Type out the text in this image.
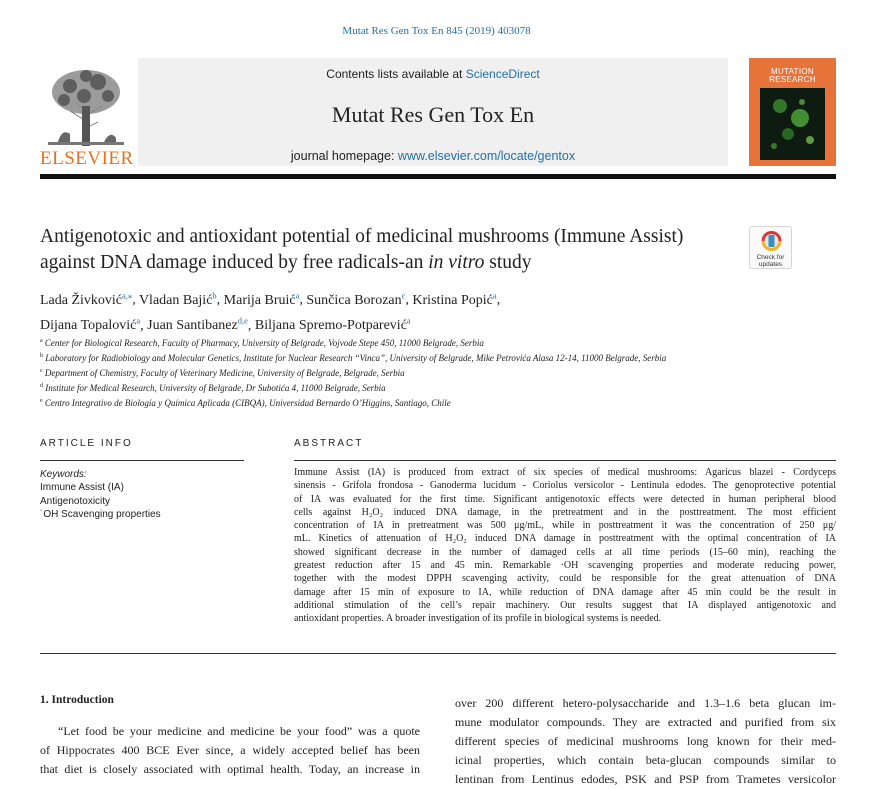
Mutat Res Gen Tox En 845 (2019) 403078
ELSEVIER
Contents lists available at ScienceDirect
Mutat Res Gen Tox En
journal homepage: www.elsevier.com/locate/gentox
MUTATION
RESEARCH
Antigenotoxic and antioxidant potential of medicinal mushrooms (Immune Assist) against DNA damage induced by free radicals-an in vitro study	Check for
updates
Lada Živković$^{a,⁎}$, Vladan Bajić$^b$, Marija Bruić$^a$, Sunčica Borozan$^c$, Kristina Popić$^a$,
Dijana Topalović$^a$, Juan Santibanez$^{d,e}$, Biljana Spremo-Potparević$^a$
$^a$ Center for Biological Research, Faculty of Pharmacy, University of Belgrade, Vojvode Stepe 450, 11000 Belgrade, Serbia
$^b$ Laboratory for Radiobiology and Molecular Genetics, Institute for Nuclear Research “Vinca”, University of Belgrade, Mike Petrovića Alasa 12-14, 11000 Belgrade, Serbia
$^c$ Department of Chemistry, Faculty of Veterinary Medicine, University of Belgrade, Belgrade, Serbia
$^d$ Institute for Medical Research, University of Belgrade, Dr Subotića 4, 11000 Belgrade, Serbia
$^e$ Centro Integrativo de Biología y Química Aplicada (CIBQA), Universidad Bernardo O’Higgins, Santiago, Chile
ARTICLE INFO	ABSTRACT
Keywords:
Immune Assist (IA)
Antigenotoxicity
˙OH Scavenging properties
Immune Assist (IA) is produced from extract of six species of medical mushrooms: Agaricus blazei - Cordyceps
sinensis - Grifola frondosa - Ganoderma lucidum - Coriolus versicolor - Lentinula edodes. The genoprotective potential
of IA was evaluated for the first time. Significant antigenotoxic effects were detected in human peripheral blood
cells against H₂O₂ induced DNA damage, in the pretreatment and in the posttreatment. The most efficient
concentration of IA in pretreatment was 500 μg/mL, while in posttreatment it was the concentration of 250 μg/
mL. Kinetics of attenuation of H₂O₂ induced DNA damage in posttreatment with the optimal concentration of IA
showed significant decrease in the number of damaged cells at all time periods (15–60 min), reaching the
greatest reduction after 15 and 45 min. Remarkable ·OH scavenging properties and moderate reducing power,
together with the modest DPPH scavenging activity, could be responsible for the great attenuation of DNA
damage after 15 min of exposure to IA, while reduction of DNA damage after 45 min could be the result in
additional stimulation of the cell’s repair machinery. Our results suggest that IA displayed antigenotoxic and
antioxidant properties. A broader investigation of its profile in biological systems is needed.
1. Introduction
“Let food be your medicine and medicine be your food” was a quote
of Hippocrates 400 BCE Ever since, a widely accepted belief has been
that diet is closely associated with optimal health. Today, an increase in
over 200 different hetero-polysaccharide and 1.3–1.6 beta glucan im-
mune modulator compounds. They are extracted and purified from six
different species of medicinal mushrooms long known for their med-
icinal properties, which contain beta-glucan compounds similar to
lentinan from Lentinus edodes, PSK and PSP from Trametes versicolor
